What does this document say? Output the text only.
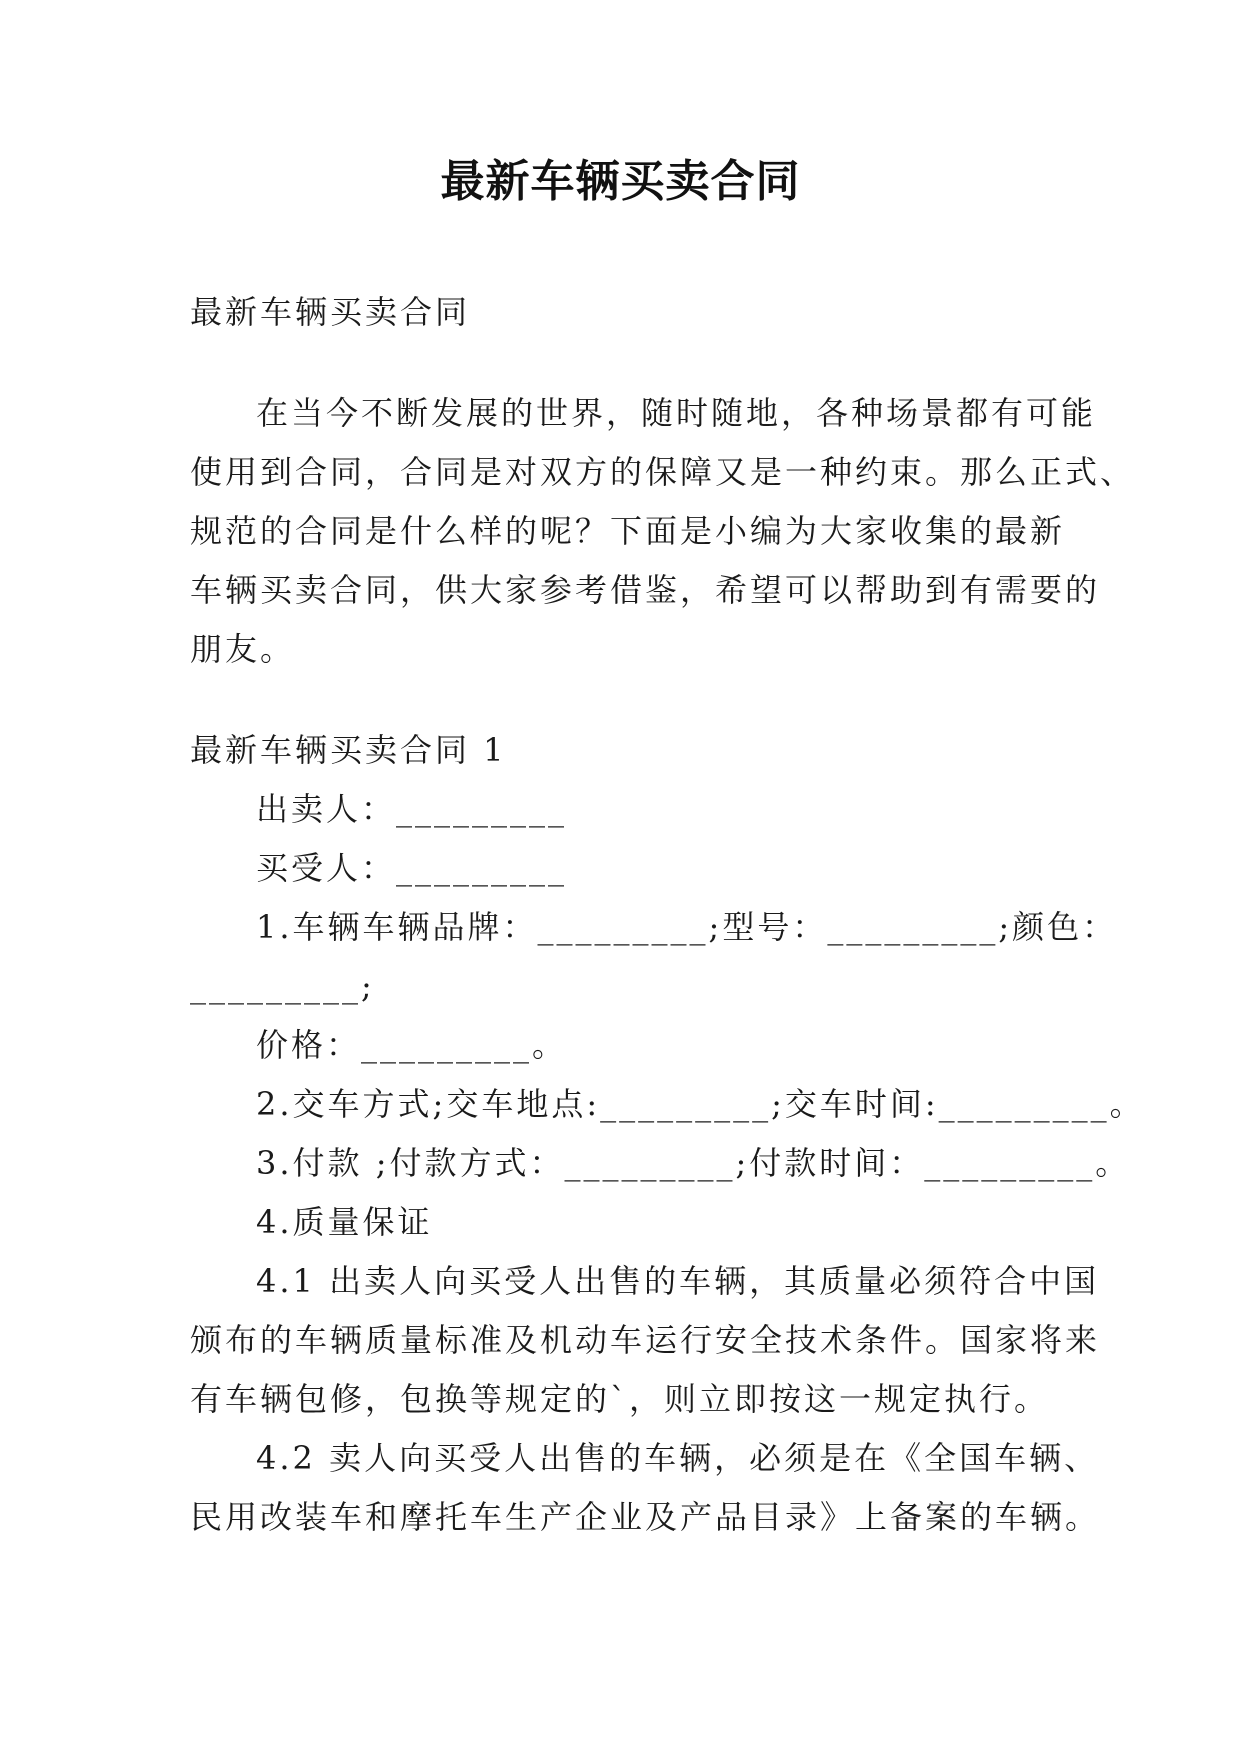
最新车辆买卖合同
最新车辆买卖合同
在当今不断发展的世界，随时随地，各种场景都有可能
使用到合同，合同是对双方的保障又是一种约束。那么正式、
规范的合同是什么样的呢？下面是小编为大家收集的最新
车辆买卖合同，供大家参考借鉴，希望可以帮助到有需要的
朋友。
最新车辆买卖合同 1
出卖人：_________
买受人：_________
1.车辆车辆品牌：_________;型号：_________;颜色：
_________;
价格：_________。
2.交车方式;交车地点:_________;交车时间:_________。
3.付款 ;付款方式：_________;付款时间：_________。
4.质量保证
4.1 出卖人向买受人出售的车辆，其质量必须符合中国
颁布的车辆质量标准及机动车运行安全技术条件。国家将来
有车辆包修，包换等规定的`，则立即按这一规定执行。
4.2 卖人向买受人出售的车辆，必须是在《全国车辆、
民用改装车和摩托车生产企业及产品目录》上备案的车辆。
